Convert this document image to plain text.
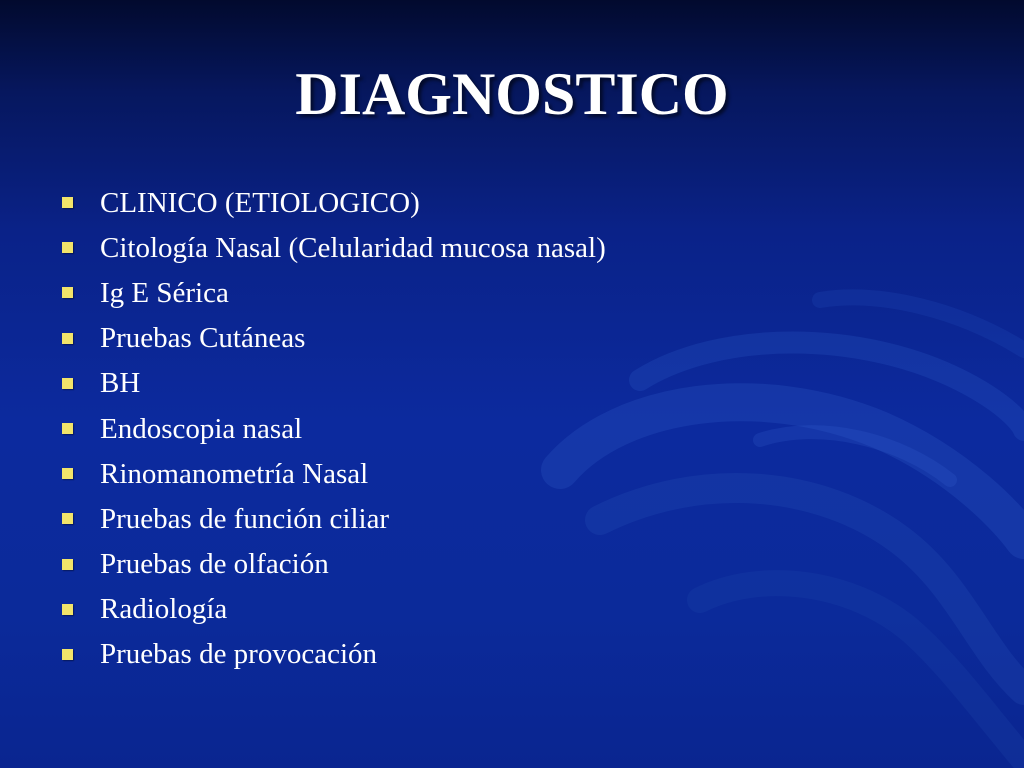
DIAGNOSTICO
CLINICO (ETIOLOGICO)
Citología Nasal (Celularidad mucosa nasal)
Ig E Sérica
Pruebas Cutáneas
BH
Endoscopia nasal
Rinomanometría Nasal
Pruebas de función ciliar
Pruebas de olfación
Radiología
Pruebas de provocación
